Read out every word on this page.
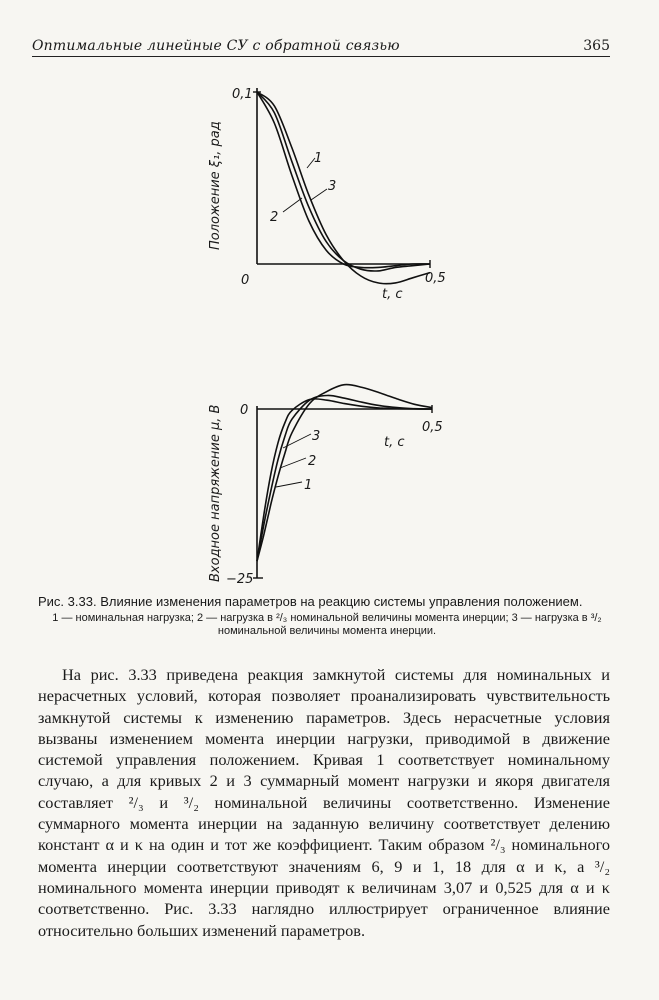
Оптимальные линейные СУ с обратной связью	365
0,1
0	0,5
t, c
Положение ξ₁, рад	1
2
3
0
−25
0,5
t, c
Входное напряжение μ, В	3
2
1
Рис. 3.33. Влияние изменения параметров на реакцию системы управления положением.
1 — номинальная нагрузка; 2 — нагрузка в ²/₃ номинальной величины момента инерции; 3 — нагрузка в ³/₂ номинальной величины момента инерции.
На рис. 3.33 приведена реакция замкнутой системы для номинальных и нерасчетных условий, которая позволяет проанализировать чувствительность замкнутой системы к изменению параметров. Здесь нерасчетные условия вызваны изменением момента инерции нагрузки, приводимой в движение системой управления положением. Кривая 1 соответствует номинальному случаю, а для кривых 2 и 3 суммарный момент нагрузки и якоря двигателя составляет ²/₃ и ³/₂ номинальной величины соответственно. Изменение суммарного момента инерции на заданную величину соответствует делению констант α и κ на один и тот же коэффициент. Таким образом ²/₃ номинального момента инерции соответствуют значениям 6, 9 и 1, 18 для α и κ, а ³/₂ номинального момента инерции приводят к величинам 3,07 и 0,525 для α и κ соответственно. Рис. 3.33 наглядно иллюстрирует ограниченное влияние относительно больших изменений параметров.
